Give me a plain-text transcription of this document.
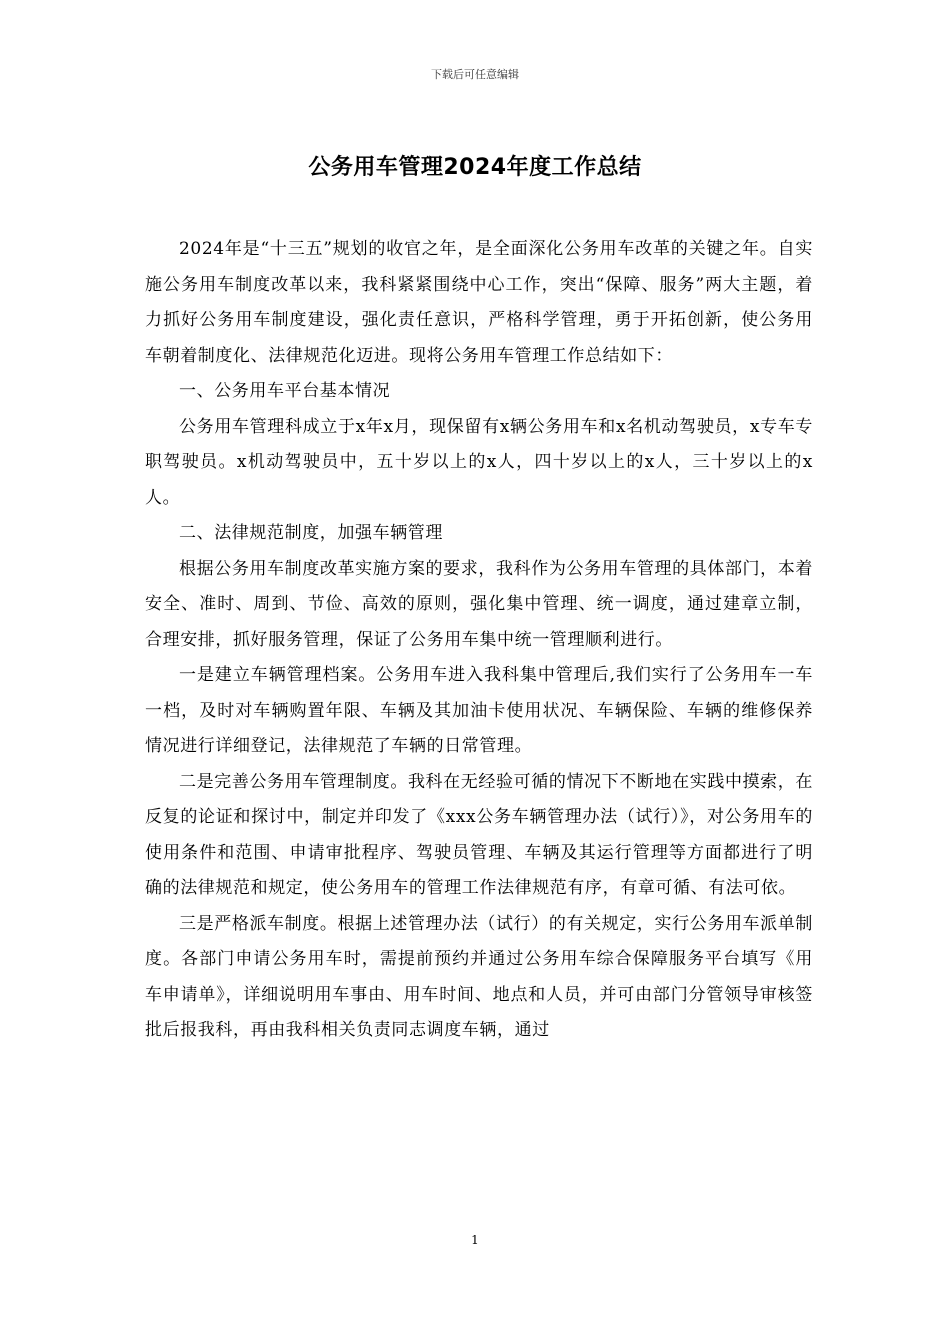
下载后可任意编辑
公务用车管理2024年度工作总结

2024年是“十三五”规划的收官之年，是全面深化公务用车改革的关键之年。自实施公务用车制度改革以来，我科紧紧围绕中心工作，突出“保障、服务”两大主题，着力抓好公务用车制度建设，强化责任意识，严格科学管理，勇于开拓创新，使公务用车朝着制度化、法律规范化迈进。现将公务用车管理工作总结如下：

一、公务用车平台基本情况

公务用车管理科成立于x年x月，现保留有x辆公务用车和x名机动驾驶员，x专车专职驾驶员。x机动驾驶员中，五十岁以上的x人，四十岁以上的x人，三十岁以上的x人。

二、法律规范制度，加强车辆管理

根据公务用车制度改革实施方案的要求，我科作为公务用车管理的具体部门，本着安全、准时、周到、节俭、高效的原则，强化集中管理、统一调度，通过建章立制，合理安排，抓好服务管理，保证了公务用车集中统一管理顺利进行。

一是建立车辆管理档案。公务用车进入我科集中管理后,我们实行了公务用车一车一档，及时对车辆购置年限、车辆及其加油卡使用状况、车辆保险、车辆的维修保养情况进行详细登记，法律规范了车辆的日常管理。

二是完善公务用车管理制度。我科在无经验可循的情况下不断地在实践中摸索，在反复的论证和探讨中，制定并印发了《xxx公务车辆管理办法（试行）》，对公务用车的使用条件和范围、申请审批程序、驾驶员管理、车辆及其运行管理等方面都进行了明确的法律规范和规定，使公务用车的管理工作法律规范有序，有章可循、有法可依。

三是严格派车制度。根据上述管理办法（试行）的有关规定，实行公务用车派单制度。各部门申请公务用车时，需提前预约并通过公务用车综合保障服务平台填写《用车申请单》，详细说明用车事由、用车时间、地点和人员，并可由部门分管领导审核签批后报我科，再由我科相关负责同志调度车辆，通过

1
